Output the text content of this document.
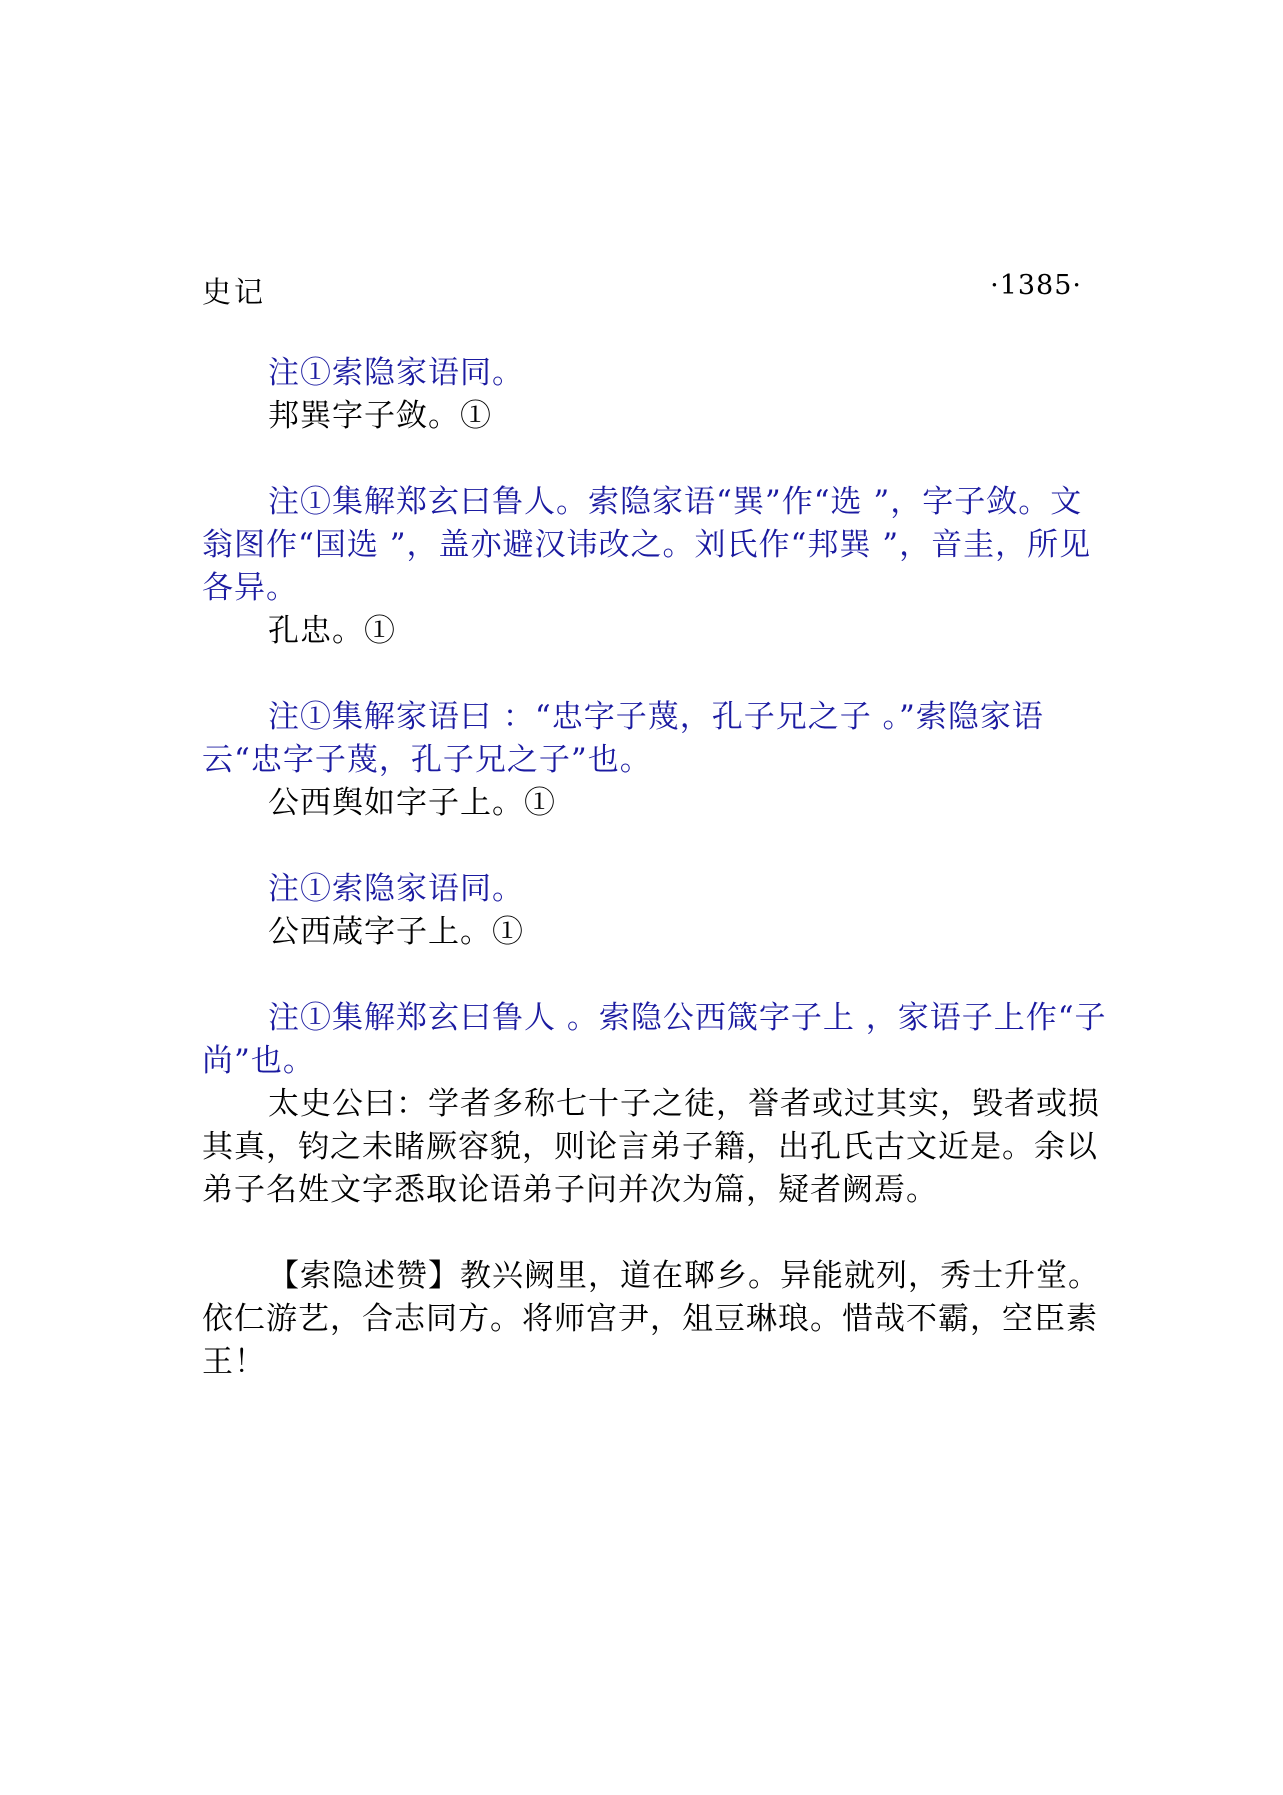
史记	·1385·

注①索隐家语同。

邦巽字子敛。①

注①集解郑玄曰鲁人。索隐家语“巽”作“选 ”，字子敛。文翁图作“国选 ”，盖亦避汉讳改之。刘氏作“邦巽 ”，音圭，所见各异。

孔忠。①

注①集解家语曰 ：“忠字子蔑，孔子兄之子 。”索隐家语云“忠字子蔑，孔子兄之子”也。

公西舆如字子上。①

注①索隐家语同。

公西葴字子上。①

注①集解郑玄曰鲁人 。索隐公西箴字子上 ，家语子上作“子尚”也。

太史公曰：学者多称七十子之徒，誉者或过其实，毁者或损其真，钧之未睹厥容貌，则论言弟子籍，出孔氏古文近是。余以弟子名姓文字悉取论语弟子问并次为篇，疑者阙焉。

【索隐述赞】教兴阙里，道在郰乡。异能就列，秀士升堂。依仁游艺，合志同方。将师宫尹，俎豆琳琅。惜哉不霸，空臣素王！
